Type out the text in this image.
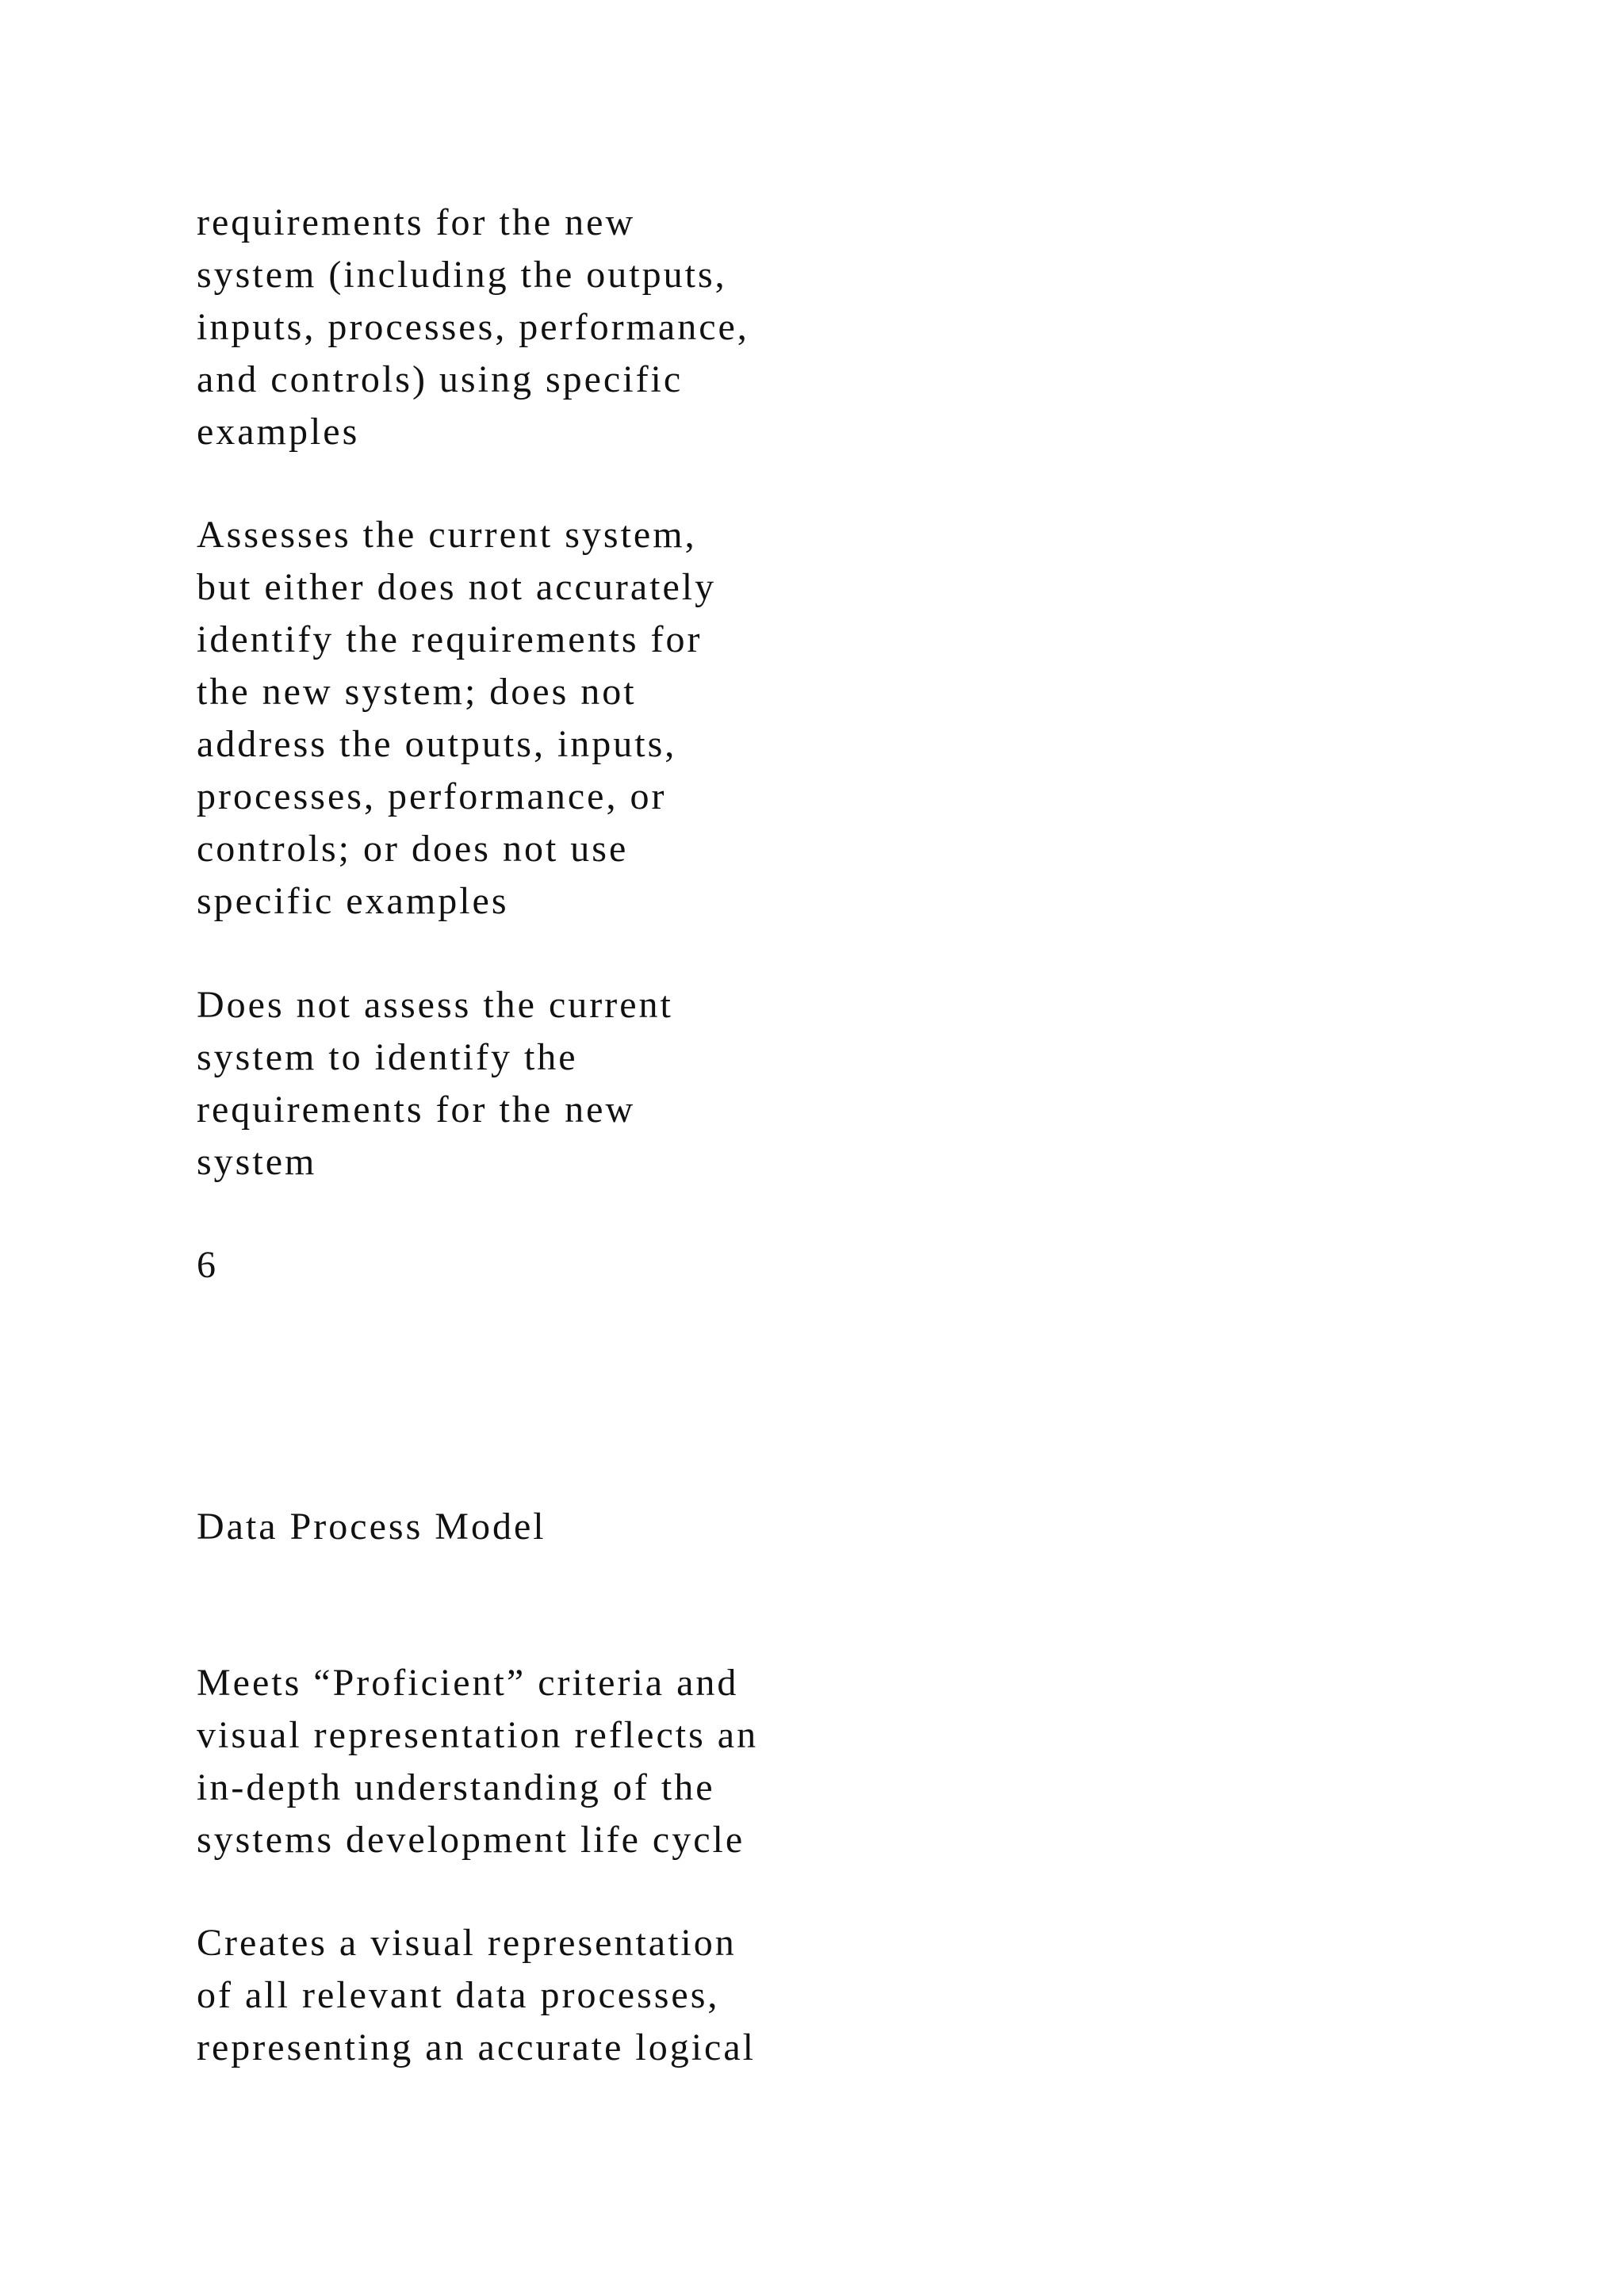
requirements for the new
system (including the outputs,
inputs, processes, performance,
and controls) using specific
examples

Assesses the current system,
but either does not accurately
identify the requirements for
the new system; does not
address the outputs, inputs,
processes, performance, or
controls; or does not use
specific examples

Does not assess the current
system to identify the
requirements for the new
system

6

Data Process Model

Meets “Proficient” criteria and
visual representation reflects an
in-depth understanding of the
systems development life cycle

Creates a visual representation
of all relevant data processes,
representing an accurate logical
